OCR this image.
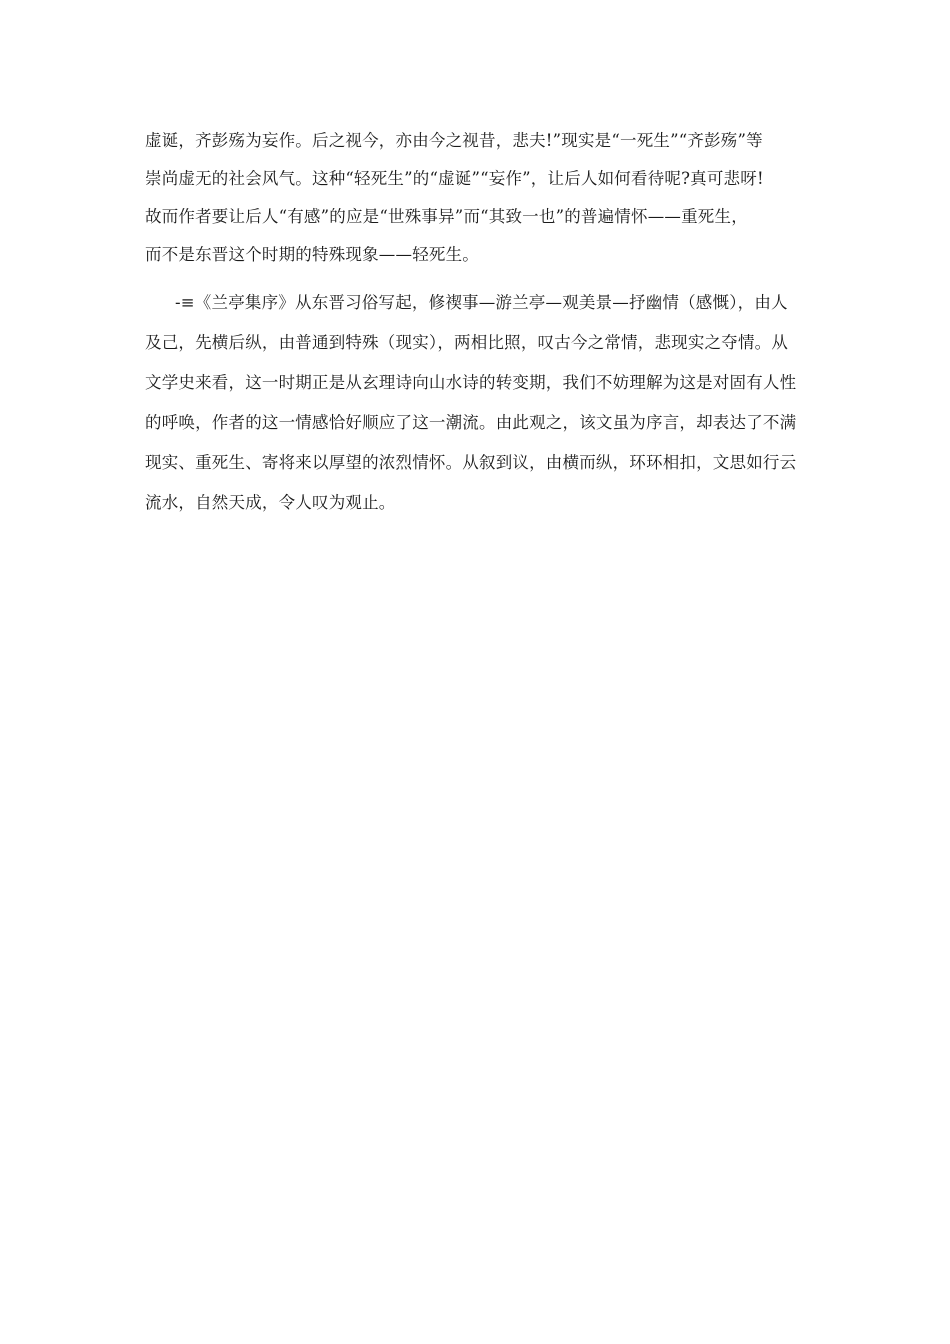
虚诞，齐彭殇为妄作。后之视今，亦由今之视昔，悲夫!”现实是“一死生”“齐彭殇”等
崇尚虚无的社会风气。这种“轻死生”的“虚诞”“妄作”，让后人如何看待呢?真可悲呀!
故而作者要让后人“有感”的应是“世殊事异”而“其致一也”的普遍情怀——重死生，
而不是东晋这个时期的特殊现象——轻死生。
-≡《兰亭集序》从东晋习俗写起，修禊事—游兰亭—观美景—抒幽情（感慨），由人
及己，先横后纵，由普通到特殊（现实），两相比照，叹古今之常情，悲现实之夺情。从
文学史来看，这一时期正是从玄理诗向山水诗的转变期，我们不妨理解为这是对固有人性
的呼唤，作者的这一情感恰好顺应了这一潮流。由此观之，该文虽为序言，却表达了不满
现实、重死生、寄将来以厚望的浓烈情怀。从叙到议，由横而纵，环环相扣，文思如行云
流水，自然天成，令人叹为观止。
